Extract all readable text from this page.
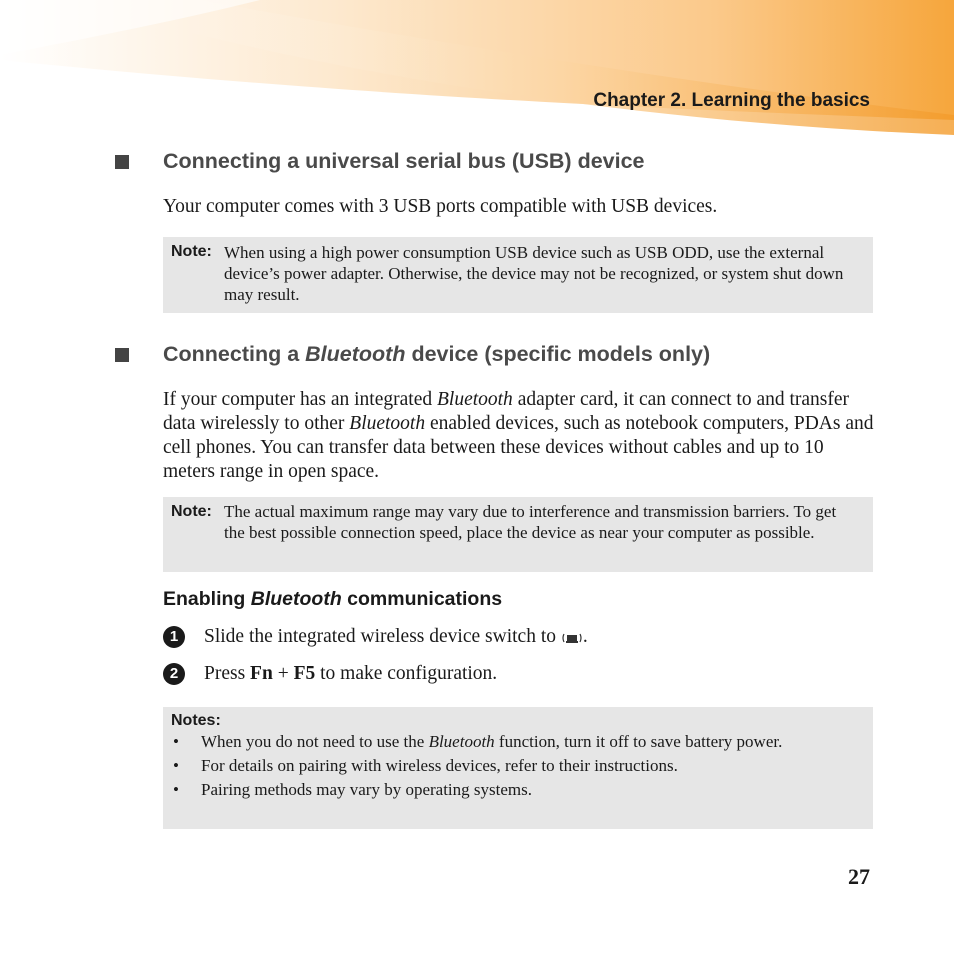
Chapter 2. Learning the basics
Connecting a universal serial bus (USB) device
Your computer comes with 3 USB ports compatible with USB devices.
Note: When using a high power consumption USB device such as USB ODD, use the external device’s power adapter. Otherwise, the device may not be recognized, or system shut down may result.
Connecting a Bluetooth device (specific models only)
If your computer has an integrated Bluetooth adapter card, it can connect to and transfer data wirelessly to other Bluetooth enabled devices, such as notebook computers, PDAs and cell phones. You can transfer data between these devices without cables and up to 10 meters range in open space.
Note: The actual maximum range may vary due to interference and transmission barriers. To get the best possible connection speed, place the device as near your computer as possible.
Enabling Bluetooth communications
1	Slide the integrated wireless device switch to .
2	Press Fn + F5 to make configuration.
Notes:
• When you do not need to use the Bluetooth function, turn it off to save battery power.
• For details on pairing with wireless devices, refer to their instructions.
• Pairing methods may vary by operating systems.
27
